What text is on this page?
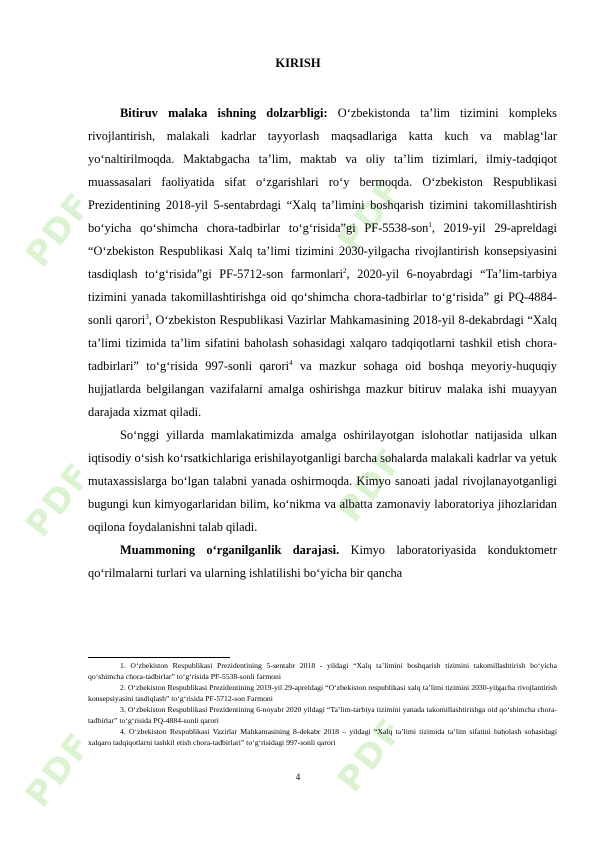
PDF	PDF
PDF	PDF
PDF	PDF
KIRISH

Bitiruv malaka ishning dolzarbligi: O‘zbekistonda ta’lim tizimini kompleks rivojlantirish, malakali kadrlar tayyorlash maqsadlariga katta kuch va mablag‘lar yo‘naltirilmoqda. Maktabgacha ta’lim, maktab va oliy ta’lim tizimlari, ilmiy-tadqiqot muassasalari faoliyatida sifat o‘zgarishlari ro‘y bermoqda. O‘zbekiston Respublikasi Prezidentining 2018-yil 5-sentabrdagi “Xalq ta’limini boshqarish tizimini takomillashtirish bo‘yicha qo‘shimcha chora-tadbirlar to‘g‘risida”gi PF-5538-son$^1$, 2019-yil 29-apreldagi “O‘zbekiston Respublikasi Xalq ta’limi tizimini 2030-yilgacha rivojlantirish konsepsiyasini tasdiqlash to‘g‘risida”gi PF-5712-son farmonlari$^2$, 2020-yil 6-noyabrdagi “Ta’lim-tarbiya tizimini yanada takomillashtirishga oid qo‘shimcha chora-tadbirlar to‘g‘risida” gi PQ-4884-sonli qarori$^3$, O‘zbekiston Respublikasi Vazirlar Mahkamasining 2018-yil 8-dekabrdagi “Xalq ta’limi tizimida ta’lim sifatini baholash sohasidagi xalqaro tadqiqotlarni tashkil etish chora-tadbirlari” to‘g‘risida 997-sonli qarori$^4$ va mazkur sohaga oid boshqa meyoriy-huquqiy hujjatlarda belgilangan vazifalarni amalga oshirishga mazkur bitiruv malaka ishi muayyan darajada xizmat qiladi.

So‘nggi yillarda mamlakatimizda amalga oshirilayotgan islohotlar natijasida ulkan iqtisodiy o‘sish ko‘rsatkichlariga erishilayotganligi barcha sohalarda malakali kadrlar va yetuk mutaxassislarga bo‘lgan talabni yanada oshirmoqda. Kimyo sanoati jadal rivojlanayotganligi bugungi kun kimyogarlaridan bilim, ko‘nikma va albatta zamonaviy laboratoriya jihozlaridan oqilona foydalanishni talab qiladi.

Muammoning o‘rganilganlik darajasi. Kimyo laboratoriyasida konduktometr qo‘rilmalarni turlari va ularning ishlatilishi bo‘yicha bir qancha

1. O‘zbekiston Respublikasi Prezidentining 5-sentabr 2018 - yildagi “Xalq ta’limini boshqarish tizimini takomillashtirish bo‘yicha qo‘shimcha chora-tadbirlar” to‘g‘risida PF-5538-sonli farmoni

2. O‘zbekiston Respublikasi Prezidentining 2019-yil 29-apreldagi “O‘zbekiston respublikasi xalq ta’limi tizimini 2030-yilgacha rivojlantirish konsepsiyasini tasdiqlash” to‘g‘risida PF-5712-son Farmoni

3. O‘zbekiston Respublikasi Prezidentining 6-noyabr 2020 yildagi “Ta’lim-tarbiya tizimini yanada takomillashtirishga oid qo‘shimcha chora-tadbirlar” to‘g‘risida PQ-4884-sonli qarori

4. O‘zbekiston Respublikasi Vazirlar Mahkamasining 8-dekabr 2018 – yildagi “Xalq ta’limi tizimida ta’lim sifatini baholash sohasidagi xalqaro tadqiqotlarni tashkil etish chora-tadbirlari” to‘g‘risidagi 997-sonli qarori

4
